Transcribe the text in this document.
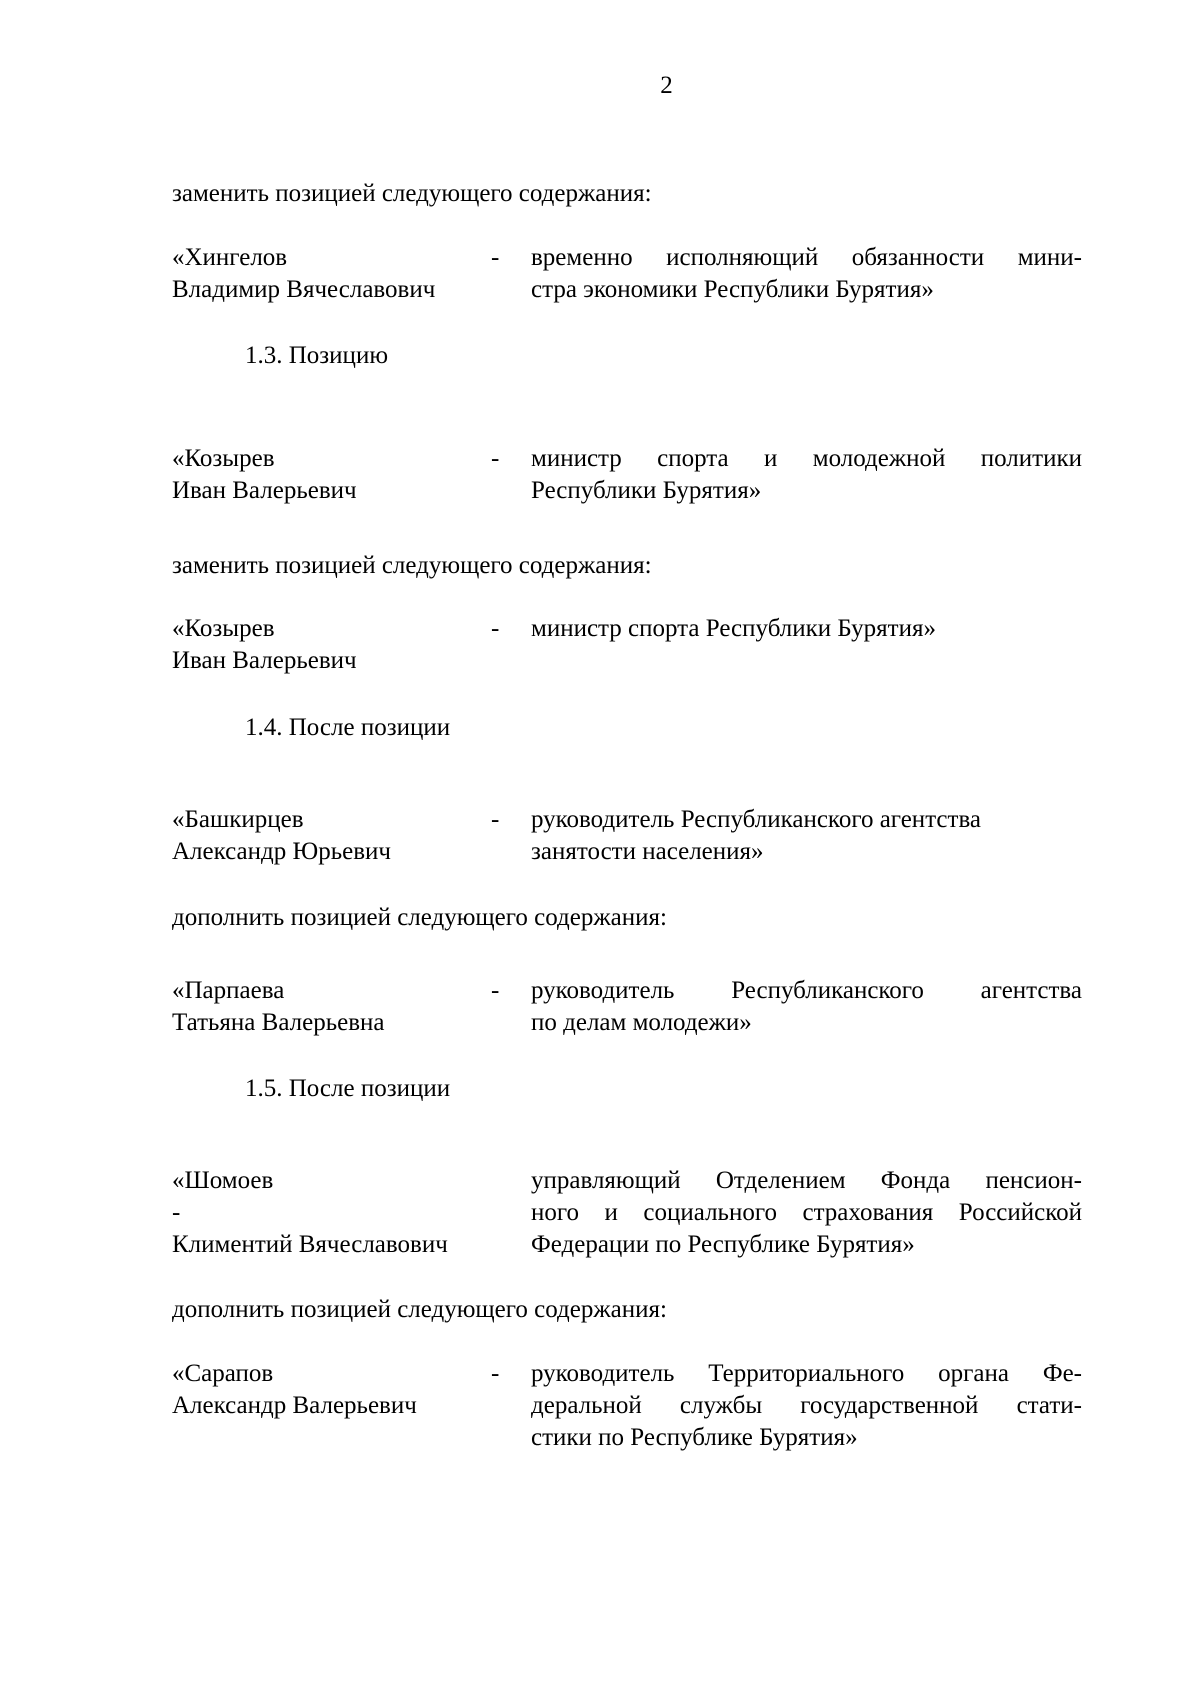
2
заменить позицией следующего содержания:
«Хингелов
Владимир Вячеславович
- временно исполняющий обязанности мини-
стра экономики Республики Бурятия»
1.3. Позицию
«Козырев
Иван Валерьевич
- министр спорта и молодежной политики
Республики Бурятия»
заменить позицией следующего содержания:
«Козырев
Иван Валерьевич
- министр спорта Республики Бурятия»
1.4. После позиции
«Башкирцев
Александр Юрьевич
- руководитель Республиканского агентства
занятости населения»
дополнить позицией следующего содержания:
«Парпаева
Татьяна Валерьевна
- руководитель Республиканского агентства
по делам молодежи»
1.5. После позиции
«Шомоев
-
Климентий Вячеславович
управляющий Отделением Фонда пенсион-
ного и социального страхования Российской
Федерации по Республике Бурятия»
дополнить позицией следующего содержания:
«Сарапов
Александр Валерьевич
- руководитель Территориального органа Фе-
деральной службы государственной стати-
стики по Республике Бурятия»
